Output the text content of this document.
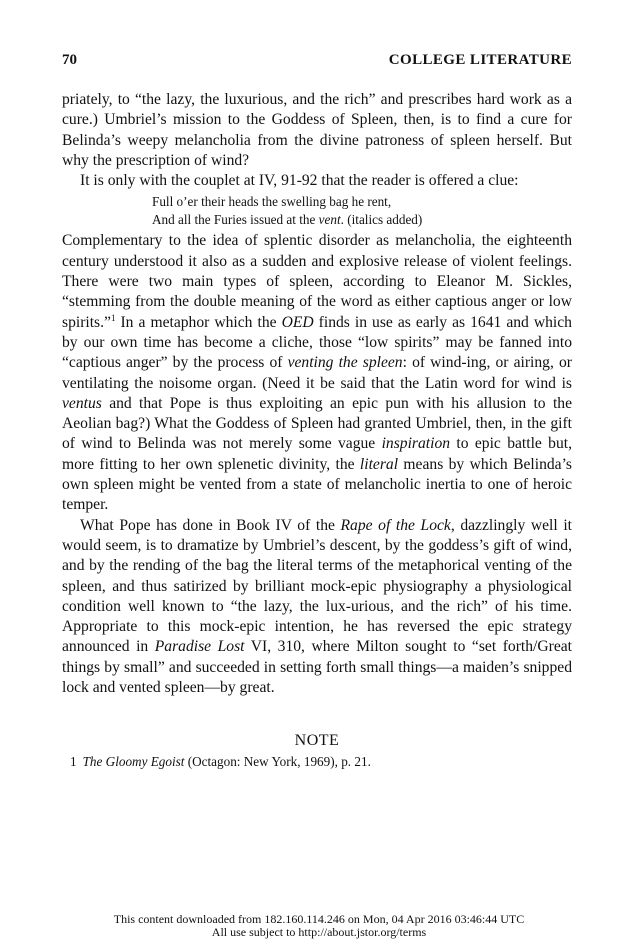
70	COLLEGE LITERATURE

priately, to “the lazy, the luxurious, and the rich” and prescribes hard work as a cure.) Umbriel’s mission to the Goddess of Spleen, then, is to find a cure for Belinda’s weepy melancholia from the divine patroness of spleen herself. But why the prescription of wind?

It is only with the couplet at IV, 91-92 that the reader is offered a clue:

Full o’er their heads the swelling bag he rent,
And all the Furies issued at the vent. (italics added)

Complementary to the idea of splentic disorder as melancholia, the eighteenth century understood it also as a sudden and explosive release of violent feelings. There were two main types of spleen, according to Eleanor M. Sickles, “stemming from the double meaning of the word as either captious anger or low spirits.”$^1$ In a metaphor which the OED finds in use as early as 1641 and which by our own time has become a cliche, those “low spirits” may be fanned into “captious anger” by the process of venting the spleen: of wind-ing, or airing, or ventilating the noisome organ. (Need it be said that the Latin word for wind is ventus and that Pope is thus exploiting an epic pun with his allusion to the Aeolian bag?) What the Goddess of Spleen had granted Umbriel, then, in the gift of wind to Belinda was not merely some vague inspiration to epic battle but, more fitting to her own splenetic divinity, the literal means by which Belinda’s own spleen might be vented from a state of melancholic inertia to one of heroic temper.

What Pope has done in Book IV of the Rape of the Lock, dazzlingly well it would seem, is to dramatize by Umbriel’s descent, by the goddess’s gift of wind, and by the rending of the bag the literal terms of the metaphorical venting of the spleen, and thus satirized by brilliant mock-epic physiography a physiological condition well known to “the lazy, the lux-urious, and the rich” of his time. Appropriate to this mock-epic intention, he has reversed the epic strategy announced in Paradise Lost VI, 310, where Milton sought to “set forth/Great things by small” and succeeded in setting forth small things—a maiden’s snipped lock and vented spleen—by great.

NOTE
1 The Gloomy Egoist (Octagon: New York, 1969), p. 21.
This content downloaded from 182.160.114.246 on Mon, 04 Apr 2016 03:46:44 UTC
All use subject to http://about.jstor.org/terms
